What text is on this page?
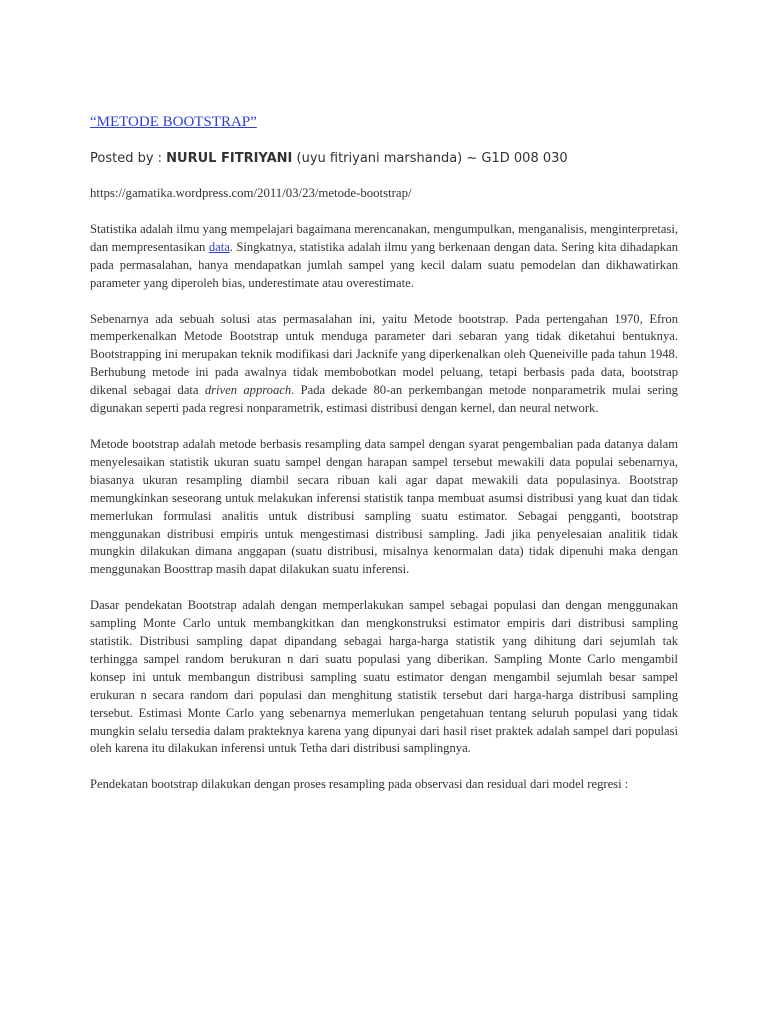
“METODE BOOTSTRAP”
Posted by : NURUL FITRIYANI (uyu fitriyani marshanda) ~ G1D 008 030
https://gamatika.wordpress.com/2011/03/23/metode-bootstrap/

Statistika adalah ilmu yang mempelajari bagaimana merencanakan, mengumpulkan, menganalisis, menginterpretasi, dan mempresentasikan data. Singkatnya, statistika adalah ilmu yang berkenaan dengan data. Sering kita dihadapkan pada permasalahan, hanya mendapatkan jumlah sampel yang kecil dalam suatu pemodelan dan dikhawatirkan parameter yang diperoleh bias, underestimate atau overestimate.

Sebenarnya ada sebuah solusi atas permasalahan ini, yaitu Metode bootstrap. Pada pertengahan 1970, Efron memperkenalkan Metode Bootstrap untuk menduga parameter dari sebaran yang tidak diketahui bentuknya. Bootstrapping ini merupakan teknik modifikasi dari Jacknife yang diperkenalkan oleh Queneiville pada tahun 1948. Berhubung metode ini pada awalnya tidak membobotkan model peluang, tetapi berbasis pada data, bootstrap dikenal sebagai data driven approach. Pada dekade 80-an perkembangan metode nonparametrik mulai sering digunakan seperti pada regresi nonparametrik, estimasi distribusi dengan kernel, dan neural network.

Metode bootstrap adalah metode berbasis resampling data sampel dengan syarat pengembalian pada datanya dalam menyelesaikan statistik ukuran suatu sampel dengan harapan sampel tersebut mewakili data populai sebenarnya, biasanya ukuran resampling diambil secara ribuan kali agar dapat mewakili data populasinya. Bootstrap memungkinkan seseorang untuk melakukan inferensi statistik tanpa membuat asumsi distribusi yang kuat dan tidak memerlukan formulasi analitis untuk distribusi sampling suatu estimator. Sebagai pengganti, bootstrap menggunakan distribusi empiris untuk mengestimasi distribusi sampling. Jadi jika penyelesaian analitik tidak mungkin dilakukan dimana anggapan (suatu distribusi, misalnya kenormalan data) tidak dipenuhi maka dengan menggunakan Boosttrap masih dapat dilakukan suatu inferensi.

Dasar pendekatan Bootstrap adalah dengan memperlakukan sampel sebagai populasi dan dengan menggunakan sampling Monte Carlo untuk membangkitkan dan mengkonstruksi estimator empiris dari distribusi sampling statistik. Distribusi sampling dapat dipandang sebagai harga-harga statistik yang dihitung dari sejumlah tak terhingga sampel random berukuran n dari suatu populasi yang diberikan. Sampling Monte Carlo mengambil konsep ini untuk membangun distribusi sampling suatu estimator dengan mengambil sejumlah besar sampel erukuran n secara random dari populasi dan menghitung statistik tersebut dari harga-harga distribusi sampling tersebut. Estimasi Monte Carlo yang sebenarnya memerlukan pengetahuan tentang seluruh populasi yang tidak mungkin selalu tersedia dalam prakteknya karena yang dipunyai dari hasil riset praktek adalah sampel dari populasi oleh karena itu dilakukan inferensi untuk Tetha dari distribusi samplingnya.

Pendekatan bootstrap dilakukan dengan proses resampling pada observasi dan residual dari model regresi :
